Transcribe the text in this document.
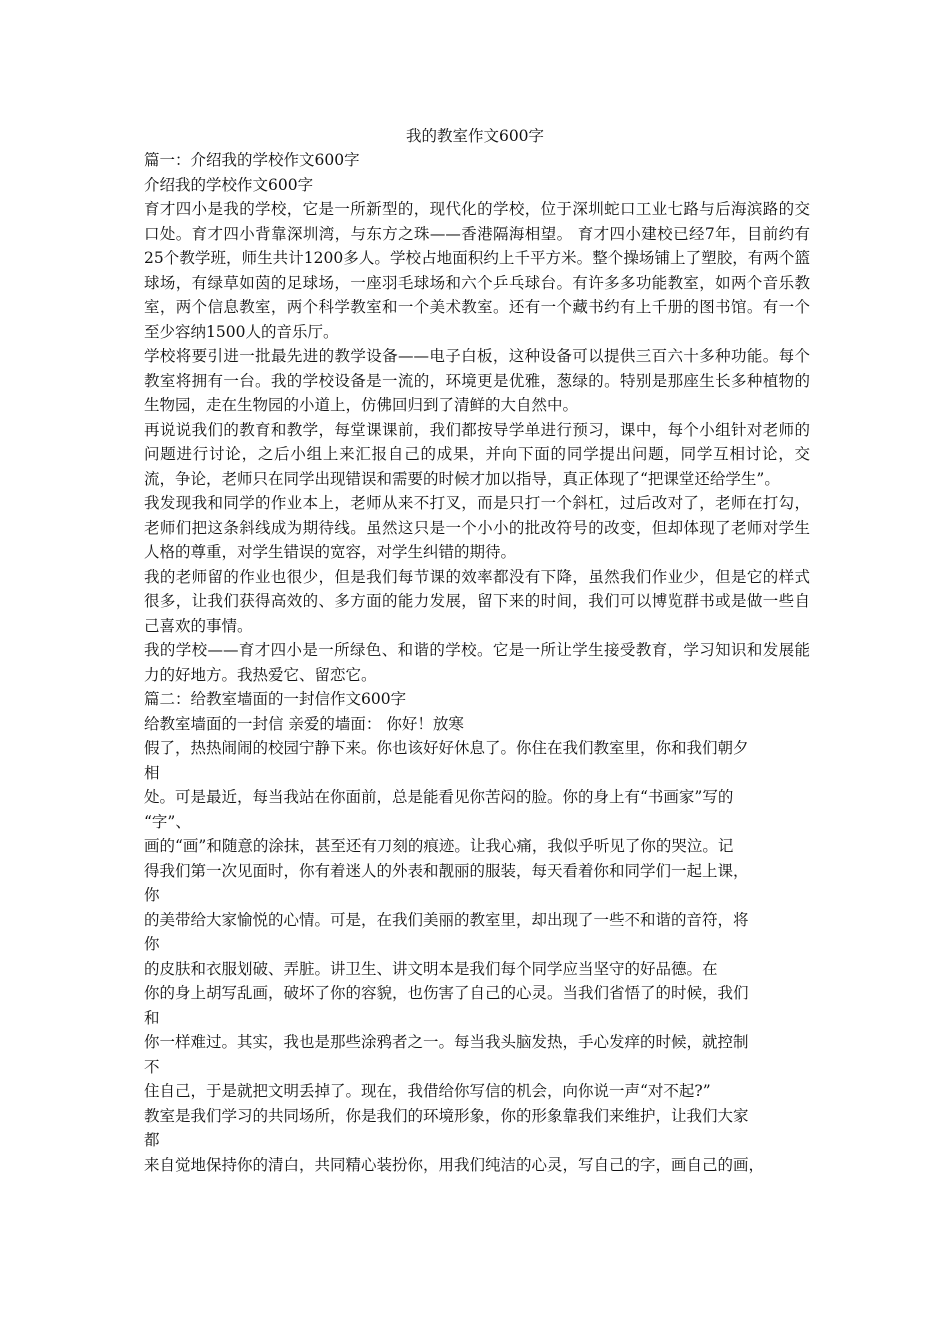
我的教室作文600字

篇一：介绍我的学校作文600字

介绍我的学校作文600字

育才四小是我的学校，它是一所新型的，现代化的学校，位于深圳蛇口工业七路与后海滨路的交口处。育才四小背靠深圳湾，与东方之珠——香港隔海相望。 育才四小建校已经7年，目前约有25个教学班，师生共计1200多人。学校占地面积约上千平方米。整个操场铺上了塑胶，有两个篮球场，有绿草如茵的足球场，一座羽毛球场和六个乒乓球台。有许多多功能教室，如两个音乐教室，两个信息教室，两个科学教室和一个美术教室。还有一个藏书约有上千册的图书馆。有一个至少容纳1500人的音乐厅。

学校将要引进一批最先进的教学设备——电子白板，这种设备可以提供三百六十多种功能。每个教室将拥有一台。我的学校设备是一流的，环境更是优雅，葱绿的。特别是那座生长多种植物的生物园，走在生物园的小道上，仿佛回归到了清鲜的大自然中。

再说说我们的教育和教学，每堂课课前，我们都按导学单进行预习，课中，每个小组针对老师的问题进行讨论，之后小组上来汇报自己的成果，并向下面的同学提出问题，同学互相讨论，交流，争论，老师只在同学出现错误和需要的时候才加以指导，真正体现了“把课堂还给学生”。

我发现我和同学的作业本上，老师从来不打叉，而是只打一个斜杠，过后改对了，老师在打勾，老师们把这条斜线成为期待线。虽然这只是一个小小的批改符号的改变，但却体现了老师对学生人格的尊重，对学生错误的宽容，对学生纠错的期待。

我的老师留的作业也很少，但是我们每节课的效率都没有下降，虽然我们作业少，但是它的样式很多，让我们获得高效的、多方面的能力发展，留下来的时间，我们可以博览群书或是做一些自己喜欢的事情。

我的学校——育才四小是一所绿色、和谐的学校。它是一所让学生接受教育，学习知识和发展能力的好地方。我热爱它、留恋它。

篇二：给教室墙面的一封信作文600字

给教室墙面的一封信 亲爱的墙面： 你好！放寒

假了，热热闹闹的校园宁静下来。你也该好好休息了。你住在我们教室里，你和我们朝夕

相

处。可是最近，每当我站在你面前，总是能看见你苦闷的脸。你的身上有“书画家”写的

“字”、

画的“画”和随意的涂抹，甚至还有刀刻的痕迹。让我心痛，我似乎听见了你的哭泣。记

得我们第一次见面时，你有着迷人的外表和靓丽的服装，每天看着你和同学们一起上课，

你

的美带给大家愉悦的心情。可是，在我们美丽的教室里，却出现了一些不和谐的音符，将

你

的皮肤和衣服划破、弄脏。讲卫生、讲文明本是我们每个同学应当坚守的好品德。在

你的身上胡写乱画，破坏了你的容貌，也伤害了自己的心灵。当我们省悟了的时候，我们

和

你一样难过。其实，我也是那些涂鸦者之一。每当我头脑发热，手心发痒的时候，就控制

不

住自己，于是就把文明丢掉了。现在，我借给你写信的机会，向你说一声“对不起?”

教室是我们学习的共同场所，你是我们的环境形象，你的形象靠我们来维护，让我们大家

都

来自觉地保持你的清白，共同精心装扮你，用我们纯洁的心灵，写自己的字，画自己的画，
